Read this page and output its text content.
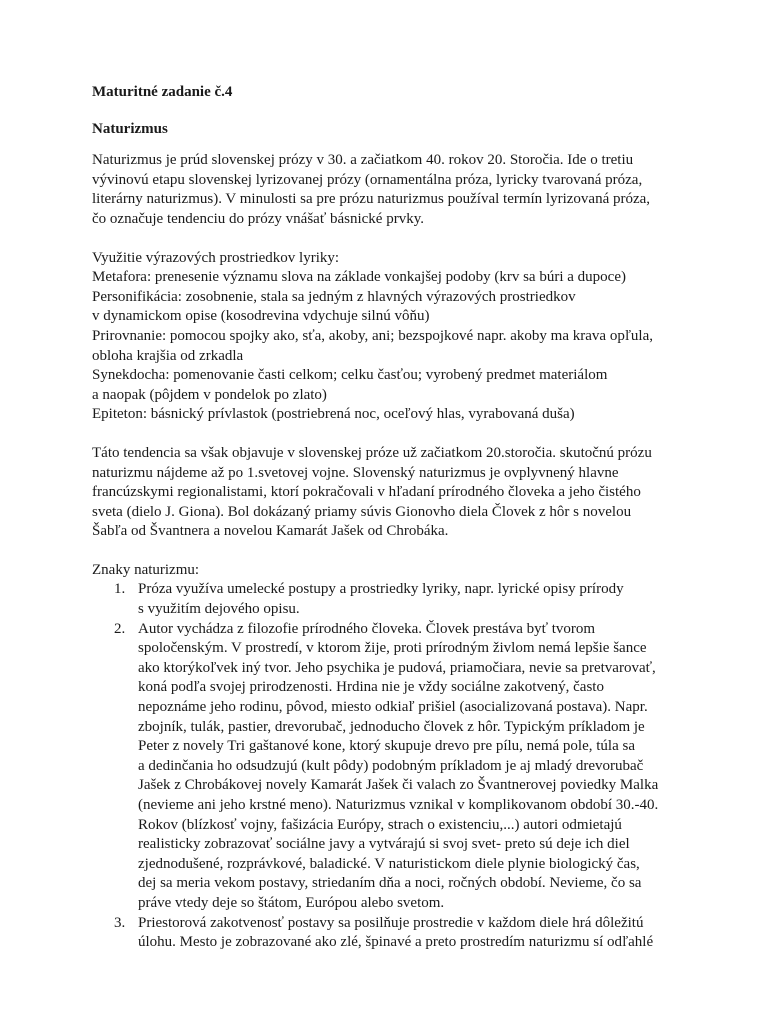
Maturitné zadanie č.4

Naturizmus

Naturizmus je prúd slovenskej prózy v 30. a začiatkom 40. rokov 20. Storočia. Ide o tretiu
vývinovú etapu slovenskej lyrizovanej prózy (ornamentálna próza, lyricky tvarovaná próza,
literárny naturizmus). V minulosti sa pre prózu naturizmus používal termín lyrizovaná próza,
čo označuje tendenciu do prózy vnášať básnické prvky.

Využitie výrazových prostriedkov lyriky:
Metafora: prenesenie významu slova na základe vonkajšej podoby (krv sa búri a dupoce)
Personifikácia: zosobnenie, stala sa jedným z hlavných výrazových prostriedkov
v dynamickom opise (kosodrevina vdychuje silnú vôňu)
Prirovnanie: pomocou spojky ako, sťa, akoby, ani; bezspojkové napr. akoby ma krava opľula,
obloha krajšia od zrkadla
Synekdocha: pomenovanie časti celkom; celku časťou; vyrobený predmet materiálom
a naopak (pôjdem v pondelok po zlato)
Epiteton: básnický prívlastok (postriebrená noc, oceľový hlas, vyrabovaná duša)

Táto tendencia sa však objavuje v slovenskej próze už začiatkom 20.storočia. skutočnú prózu
naturizmu nájdeme až po 1.svetovej vojne. Slovenský naturizmus je ovplyvnený hlavne
francúzskymi regionalistami, ktorí pokračovali v hľadaní prírodného človeka a jeho čistého
sveta (dielo J. Giona). Bol dokázaný priamy súvis Gionovho diela Človek z hôr s novelou
Šabľa od Švantnera a novelou Kamarát Jašek od Chrobáka.

Znaky naturizmu:

1. Próza využíva umelecké postupy a prostriedky lyriky, napr. lyrické opisy prírody
s využitím dejového opisu.
2. Autor vychádza z filozofie prírodného človeka. Človek prestáva byť tvorom
spoločenským. V prostredí, v ktorom žije, proti prírodným živlom nemá lepšie šance
ako ktorýkoľvek iný tvor. Jeho psychika je pudová, priamočiara, nevie sa pretvarovať,
koná podľa svojej prirodzenosti. Hrdina nie je vždy sociálne zakotvený, často
nepoznáme jeho rodinu, pôvod, miesto odkiaľ prišiel (asocializovaná postava). Napr.
zbojník, tulák, pastier, drevorubač, jednoducho človek z hôr. Typickým príkladom je
Peter z novely Tri gaštanové kone, ktorý skupuje drevo pre pílu, nemá pole, túla sa
a dedinčania ho odsudzujú (kult pôdy) podobným príkladom je aj mladý drevorubač
Jašek z Chrobákovej novely Kamarát Jašek či valach zo Švantnerovej poviedky Malka
(nevieme ani jeho krstné meno). Naturizmus vznikal v komplikovanom období 30.-40.
Rokov (blízkosť vojny, fašizácia Európy, strach o existenciu,...) autori odmietajú
realisticky zobrazovať sociálne javy a vytvárajú si svoj svet- preto sú deje ich diel
zjednodušené, rozprávkové, baladické. V naturistickom diele plynie biologický čas,
dej sa meria vekom postavy, striedaním dňa a noci, ročných období. Nevieme, čo sa
práve vtedy deje so štátom, Európou alebo svetom.
3. Priestorová zakotvenosť postavy sa posilňuje prostredie v každom diele hrá dôležitú
úlohu. Mesto je zobrazované ako zlé, špinavé a preto prostredím naturizmu sí odľahlé
